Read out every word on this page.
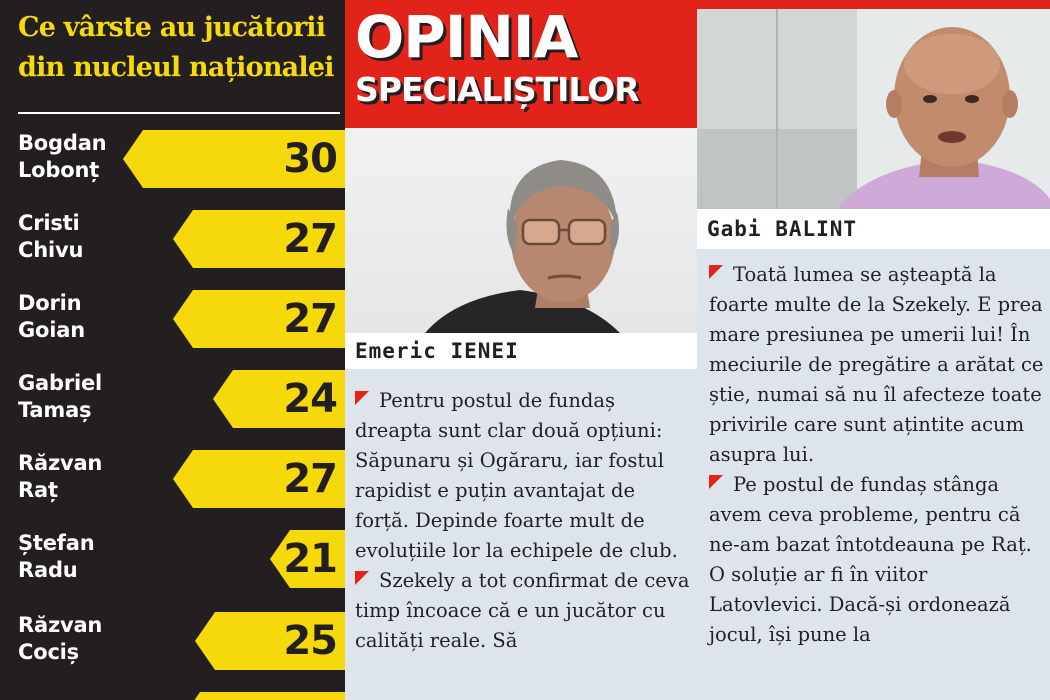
Ce vârste au jucătorii
din nucleul naționalei
Bogdan
Lobonț	30
Cristi
Chivu	27
Dorin
Goian	27
Gabriel
Tamaș	24
Răzvan
Raț	27
Ștefan
Radu	21
Răzvan
Cociș	25
OPINIA
SPECIALIȘTILOR
Emeric IENEI

Pentru postul de fundaș dreapta sunt clar două opțiuni: Săpunaru și Ogăraru, iar fostul rapidist e puțin avantajat de forță. Depinde foarte mult de evoluțiile lor la echipele de club.

Szekely a tot confirmat de ceva timp încoace că e un jucător cu calități reale. Să

Gabi BALINT

Toată lumea se așteaptă la foarte multe de la Szekely. E prea mare presiunea pe umerii lui! În meciurile de pregătire a arătat ce știe, numai să nu îl afecteze toate privirile care sunt ațintite acum asupra lui.

Pe postul de fundaș stânga avem ceva probleme, pentru că ne-am bazat întotdeauna pe Raț. O soluție ar fi în viitor Latovlevici. Dacă-și ordonează jocul, își pune la
